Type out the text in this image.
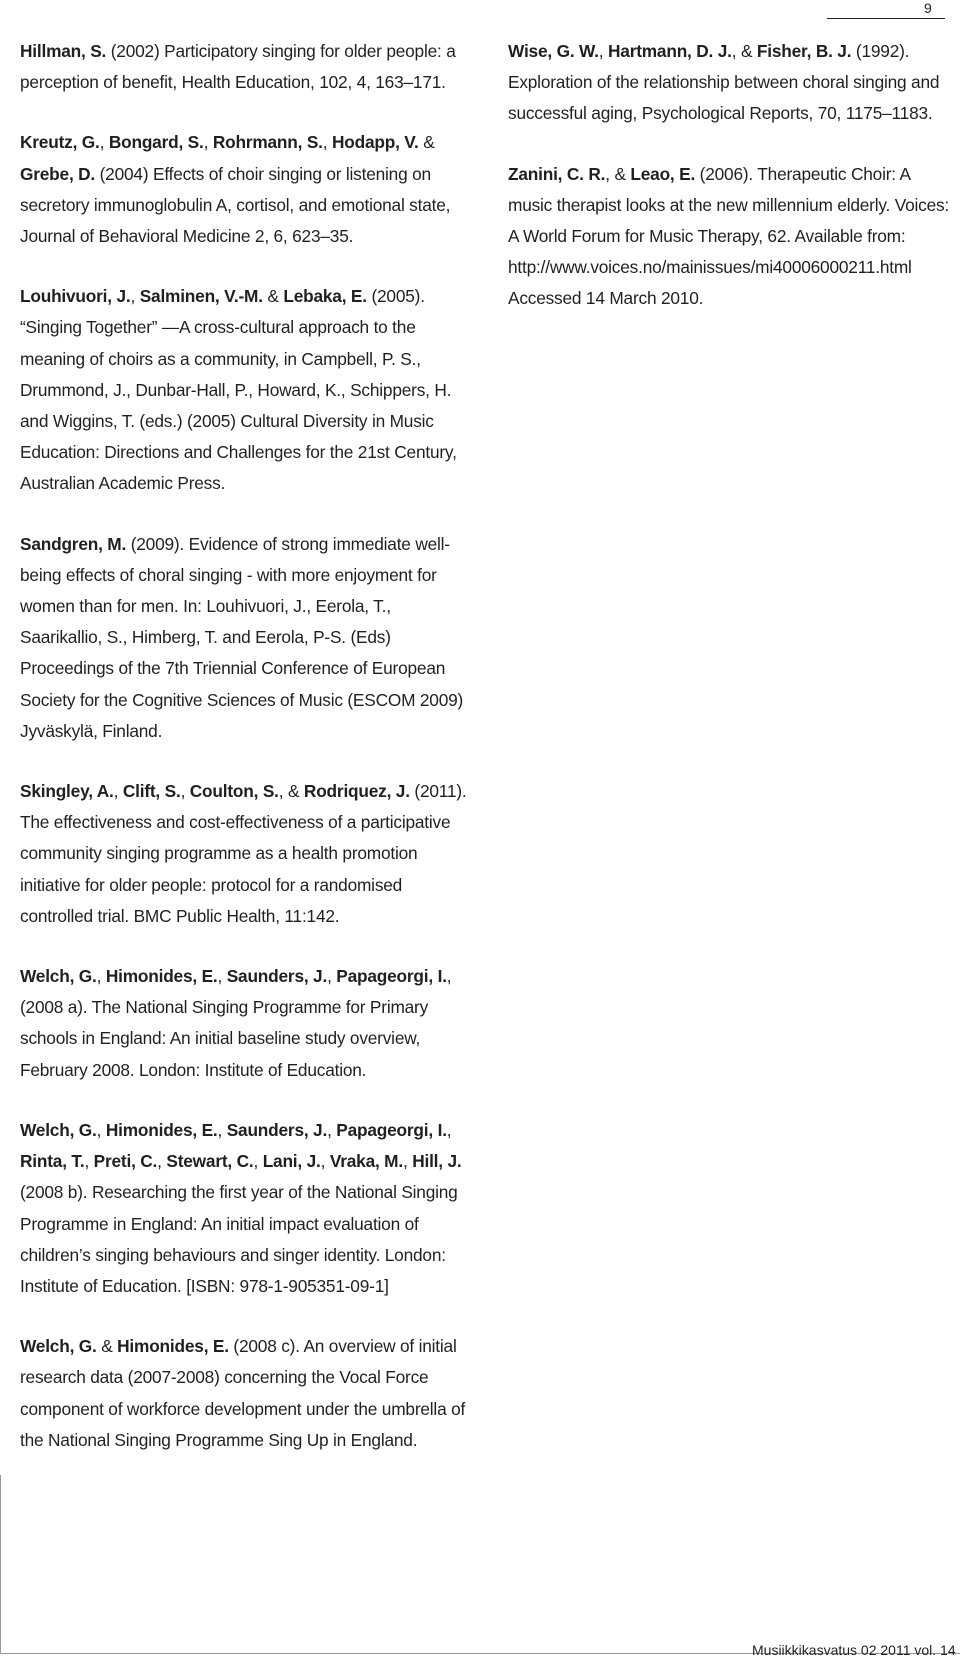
9

Hillman, S. (2002) Participatory singing for older people: a perception of benefit, Health Education, 102, 4, 163–171.

Kreutz, G., Bongard, S., Rohrmann, S., Hodapp, V. & Grebe, D. (2004) Effects of choir singing or listening on secretory immunoglobulin A, cortisol, and emotional state, Journal of Behavioral Medicine 2, 6, 623–35.

Louhivuori, J., Salminen, V.-M. & Lebaka, E. (2005). “Singing Together” —A cross-cultural approach to the meaning of choirs as a community, in Campbell, P. S., Drummond, J., Dunbar-Hall, P., Howard, K., Schippers, H. and Wiggins, T. (eds.) (2005) Cultural Diversity in Music Education: Directions and Challenges for the 21st Century, Australian Academic Press.

Sandgren, M. (2009). Evidence of strong immediate well-being effects of choral singing - with more enjoyment for women than for men. In: Louhivuori, J., Eerola, T., Saarikallio, S., Himberg, T. and Eerola, P-S. (Eds) Proceedings of the 7th Triennial Conference of European Society for the Cognitive Sciences of Music (ESCOM 2009) Jyväskylä, Finland.

Skingley, A., Clift, S., Coulton, S., & Rodriquez, J. (2011). The effectiveness and cost-effectiveness of a participative community singing programme as a health promotion initiative for older people: protocol for a randomised controlled trial. BMC Public Health, 11:142.

Welch, G., Himonides, E., Saunders, J., Papageorgi, I., (2008 a). The National Singing Programme for Primary schools in England: An initial baseline study overview, February 2008. London: Institute of Education.

Welch, G., Himonides, E., Saunders, J., Papageorgi, I., Rinta, T., Preti, C., Stewart, C., Lani, J., Vraka, M., Hill, J. (2008 b). Researching the first year of the National Singing Programme in England: An initial impact evaluation of children’s singing behaviours and singer identity. London: Institute of Education. [ISBN: 978-1-905351-09-1]

Welch, G. & Himonides, E. (2008 c). An overview of initial research data (2007-2008) concerning the Vocal Force component of workforce development under the umbrella of the National Singing Programme Sing Up in England.

Wise, G. W., Hartmann, D. J., & Fisher, B. J. (1992). Exploration of the relationship between choral singing and successful aging, Psychological Reports, 70, 1175–1183.

Zanini, C. R., & Leao, E. (2006). Therapeutic Choir: A music therapist looks at the new millennium elderly. Voices: A World Forum for Music Therapy, 62. Available from: http://www.voices.no/mainissues/mi40006000211.html Accessed 14 March 2010.

Musiikkikasvatus 02 2011 vol. 14
